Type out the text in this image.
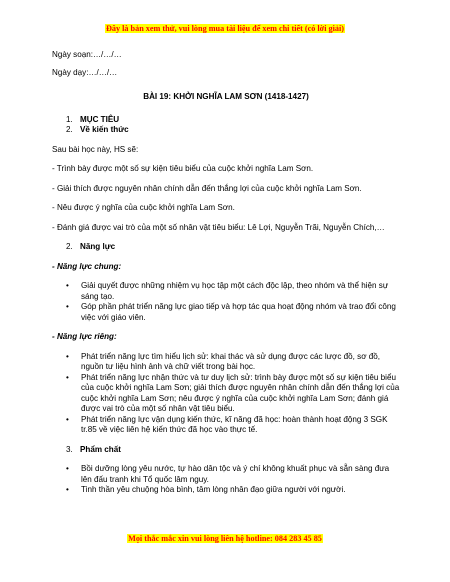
Đây là bản xem thử, vui lòng mua tài liệu để xem chi tiết (có lời giải)

Ngày soạn:…/…/…

Ngày dạy:…/…/…

BÀI 19: KHỞI NGHĨA LAM SƠN (1418-1427)

1. MỤC TIÊU
2. Về kiến thức

Sau bài học này, HS sẽ:

- Trình bày được một số sự kiện tiêu biểu của cuộc khởi nghĩa Lam Sơn.

- Giải thích được nguyên nhân chính dẫn đến thắng lợi của cuộc khởi nghĩa Lam Sơn.

- Nêu được ý nghĩa của cuộc khởi nghĩa Lam Sơn.

- Đánh giá được vai trò của một số nhân vật tiêu biểu: Lê Lợi, Nguyễn Trãi, Nguyễn Chích,…

2. Năng lực

- Năng lực chung:

• Giải quyết được những nhiệm vụ học tập một cách độc lập, theo nhóm và thể hiện sự sáng tạo.
• Góp phần phát triển năng lực giao tiếp và hợp tác qua hoạt động nhóm và trao đổi công việc với giáo viên.

- Năng lực riêng:

• Phát triển năng lực tìm hiểu lịch sử: khai thác và sử dụng được các lược đồ, sơ đồ, nguồn tư liệu hình ảnh và chữ viết trong bài học.
• Phát triển năng lực nhận thức và tư duy lịch sử: trình bày được một số sự kiện tiêu biểu của cuộc khởi nghĩa Lam Sơn; giải thích được nguyên nhân chính dẫn đến thắng lợi của cuộc khởi nghĩa Lam Sơn; nêu được ý nghĩa của cuộc khởi nghĩa Lam Sơn; đánh giá được vai trò của một số nhân vật tiêu biểu.
• Phát triển năng lực vận dụng kiến thức, kĩ năng đã học: hoàn thành hoạt động 3 SGK tr.85 về việc liên hệ kiến thức đã học vào thực tế.
3. Phẩm chất
• Bồi dưỡng lòng yêu nước, tự hào dân tộc và ý chí không khuất phục và sẵn sàng đưa lên đấu tranh khi Tổ quốc lâm nguy.
• Tinh thần yêu chuộng hòa bình, tâm lòng nhân đạo giữa người với người.
Mọi thắc mắc xin vui lòng liên hệ hotline: 084 283 45 85
